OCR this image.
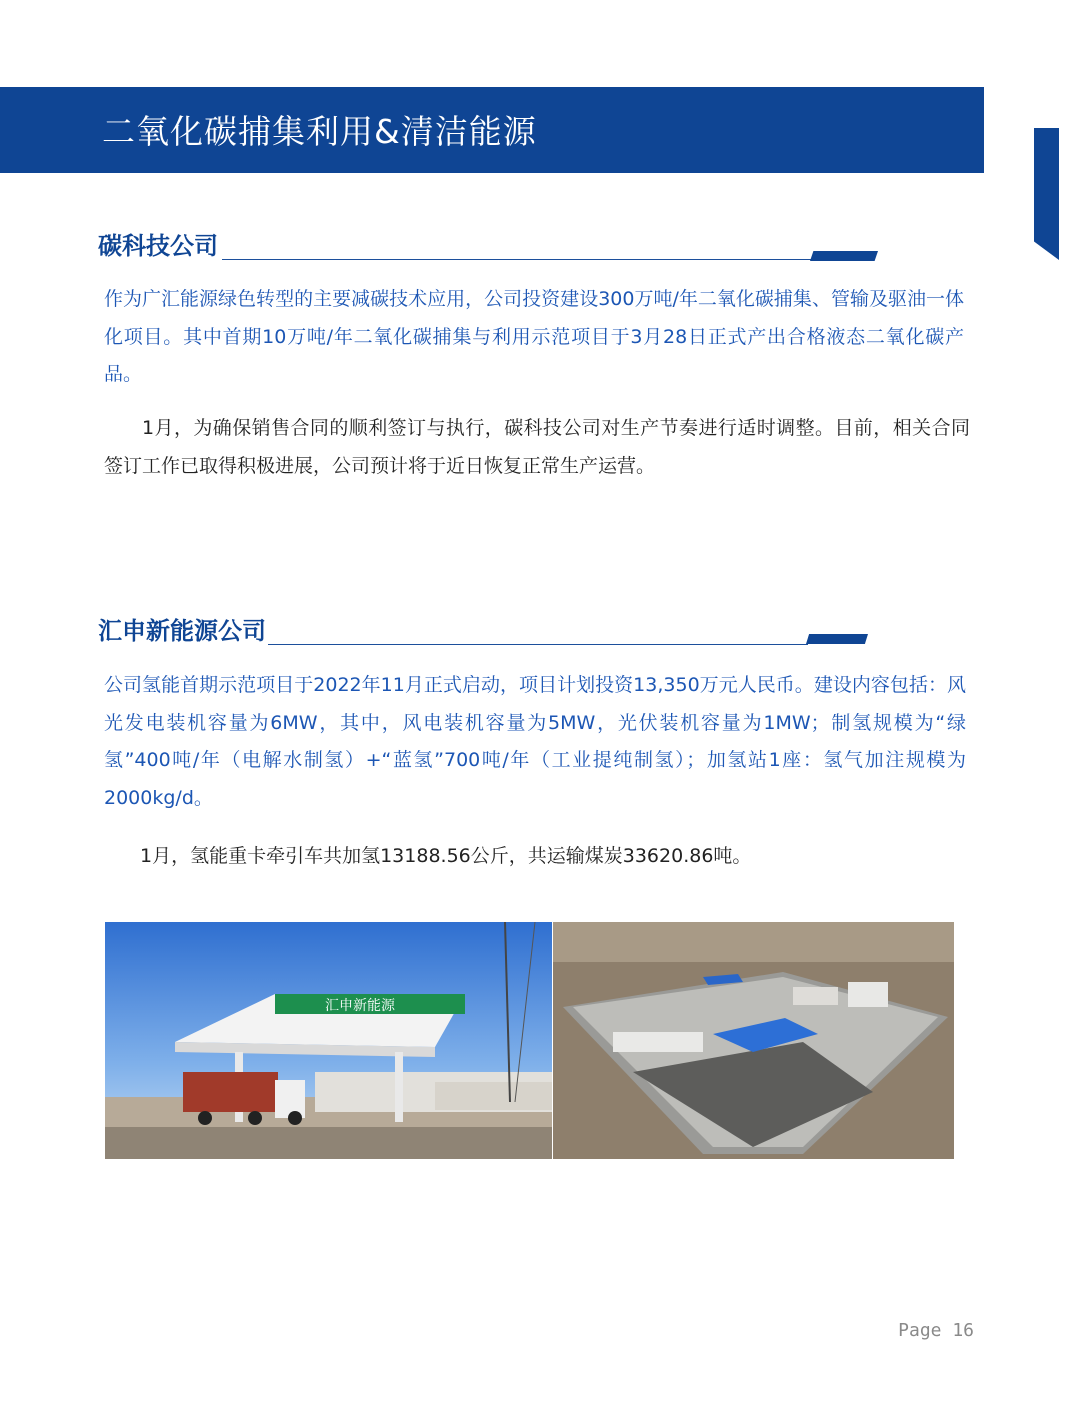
二氧化碳捕集利用&清洁能源
碳科技公司

作为广汇能源绿色转型的主要减碳技术应用，公司投资建设300万吨/年二氧化碳捕集、管输及驱油一体化项目。其中首期10万吨/年二氧化碳捕集与利用示范项目于3月28日正式产出合格液态二氧化碳产品。

1月，为确保销售合同的顺利签订与执行，碳科技公司对生产节奏进行适时调整。目前，相关合同签订工作已取得积极进展，公司预计将于近日恢复正常生产运营。

汇申新能源公司

公司氢能首期示范项目于2022年11月正式启动，项目计划投资13,350万元人民币。建设内容包括：风光发电装机容量为6MW，其中，风电装机容量为5MW，光伏装机容量为1MW；制氢规模为“绿氢”400吨/年（电解水制氢）+“蓝氢”700吨/年（工业提纯制氢）；加氢站1座：氢气加注规模为2000kg/d。

1月，氢能重卡牵引车共加氢13188.56公斤，共运输煤炭33620.86吨。

汇申新能源
Page 16
